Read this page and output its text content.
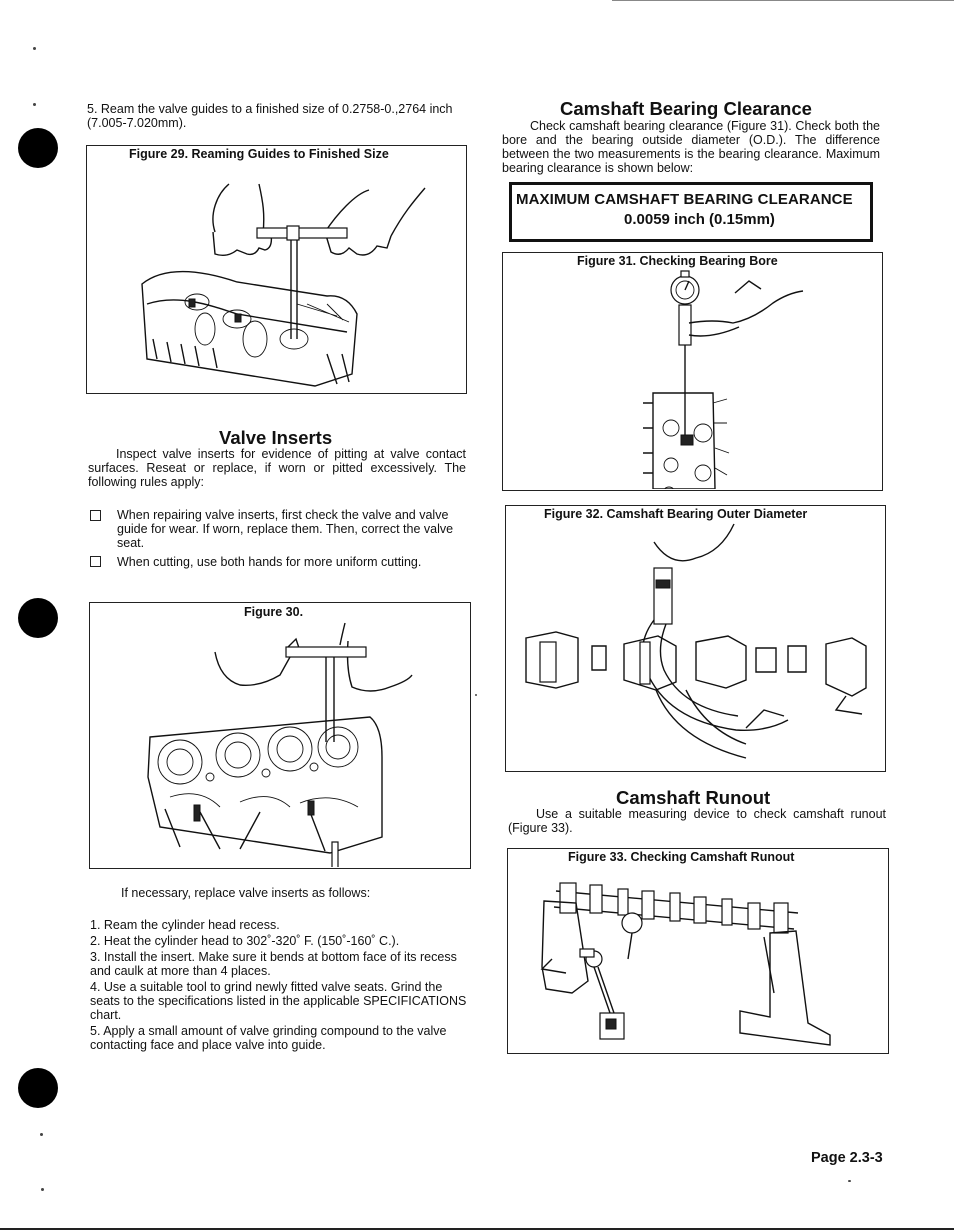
5. Ream the valve guides to a finished size of 0.2758-0.,2764 inch (7.005-7.020mm).

Figure 29. Reaming Guides to Finished Size
Valve Inserts

Inspect valve inserts for evidence of pitting at valve contact surfaces. Reseat or replace, if worn or pitted excessively. The following rules apply:

When repairing valve inserts, first check the valve and valve guide for wear. If worn, replace them. Then, correct the valve seat.

When cutting, use both hands for more uniform cutting.

Figure 30.

If necessary, replace valve inserts as follows:

1. Ream the cylinder head recess.

2. Heat the cylinder head to 302˚-320˚ F. (150˚-160˚ C.).

3. Install the insert. Make sure it bends at bottom face of its recess and caulk at more than 4 places.

4. Use a suitable tool to grind newly fitted valve seats. Grind the seats to the specifications listed in the applicable SPECIFICATIONS chart.

5. Apply a small amount of valve grinding compound to the valve contacting face and place valve into guide.

Camshaft Bearing Clearance

Check camshaft bearing clearance (Figure 31). Check both the bore and the bearing outside diameter (O.D.). The difference between the two measurements is the bearing clearance. Maximum bearing clearance is shown below:

MAXIMUM CAMSHAFT BEARING CLEARANCE
0.0059 inch (0.15mm)
Figure 31. Checking Bearing Bore
Figure 32. Camshaft Bearing Outer Diameter
Camshaft Runout

Use a suitable measuring device to check camshaft runout (Figure 33).

Figure 33. Checking Camshaft Runout
Page 2.3-3
